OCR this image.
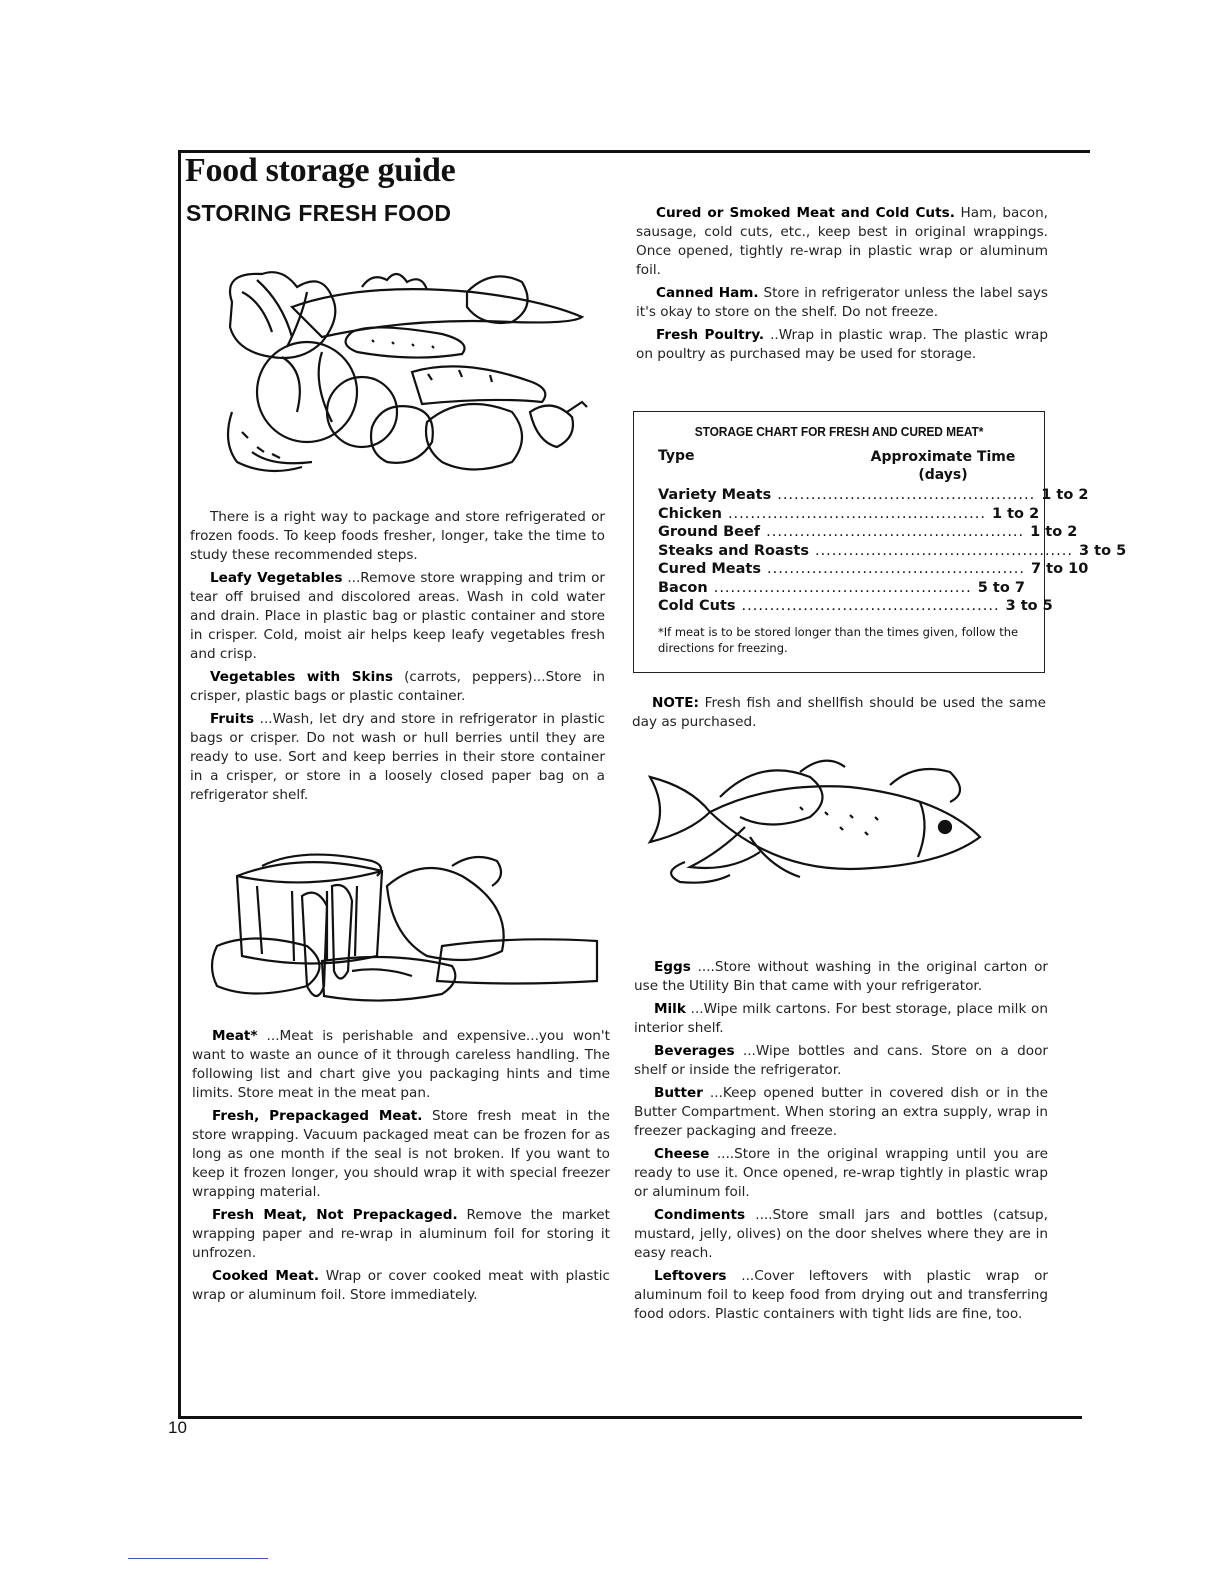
Food storage guide
STORING FRESH FOOD

There is a right way to package and store refrigerated or frozen foods. To keep foods fresher, longer, take the time to study these recommended steps.

Leafy Vegetables ...Remove store wrapping and trim or tear off bruised and discolored areas. Wash in cold water and drain. Place in plastic bag or plastic container and store in crisper. Cold, moist air helps keep leafy vegetables fresh and crisp.

Vegetables with Skins (carrots, peppers)...Store in crisper, plastic bags or plastic container.

Fruits ...Wash, let dry and store in refrigerator in plastic bags or crisper. Do not wash or hull berries until they are ready to use. Sort and keep berries in their store container in a crisper, or store in a loosely closed paper bag on a refrigerator shelf.

Meat* ...Meat is perishable and expensive...you won't want to waste an ounce of it through careless handling. The following list and chart give you packaging hints and time limits. Store meat in the meat pan.

Fresh, Prepackaged Meat. Store fresh meat in the store wrapping. Vacuum packaged meat can be frozen for as long as one month if the seal is not broken. If you want to keep it frozen longer, you should wrap it with special freezer wrapping material.

Fresh Meat, Not Prepackaged. Remove the market wrapping paper and re-wrap in aluminum foil for storing it unfrozen.

Cooked Meat. Wrap or cover cooked meat with plastic wrap or aluminum foil. Store immediately.

Cured or Smoked Meat and Cold Cuts. Ham, bacon, sausage, cold cuts, etc., keep best in original wrappings. Once opened, tightly re-wrap in plastic wrap or aluminum foil.

Canned Ham. Store in refrigerator unless the label says it's okay to store on the shelf. Do not freeze.

Fresh Poultry. ..Wrap in plastic wrap. The plastic wrap on poultry as purchased may be used for storage.

STORAGE CHART FOR FRESH AND CURED MEAT*
Type	Approximate Time (days)
Variety Meats .............................................. 1 to 2
Chicken .............................................. 1 to 2
Ground Beef .............................................. 1 to 2
Steaks and Roasts .............................................. 3 to 5
Cured Meats .............................................. 7 to 10
Bacon .............................................. 5 to 7
Cold Cuts .............................................. 3 to 5
*If meat is to be stored longer than the times given, follow the directions for freezing.

NOTE: Fresh fish and shellfish should be used the same day as purchased.

Eggs ....Store without washing in the original carton or use the Utility Bin that came with your refrigerator.

Milk ...Wipe milk cartons. For best storage, place milk on interior shelf.

Beverages ...Wipe bottles and cans. Store on a door shelf or inside the refrigerator.

Butter ...Keep opened butter in covered dish or in the Butter Compartment. When storing an extra supply, wrap in freezer packaging and freeze.

Cheese ....Store in the original wrapping until you are ready to use it. Once opened, re-wrap tightly in plastic wrap or aluminum foil.

Condiments ....Store small jars and bottles (catsup, mustard, jelly, olives) on the door shelves where they are in easy reach.

Leftovers ...Cover leftovers with plastic wrap or aluminum foil to keep food from drying out and transferring food odors. Plastic containers with tight lids are fine, too.

10
